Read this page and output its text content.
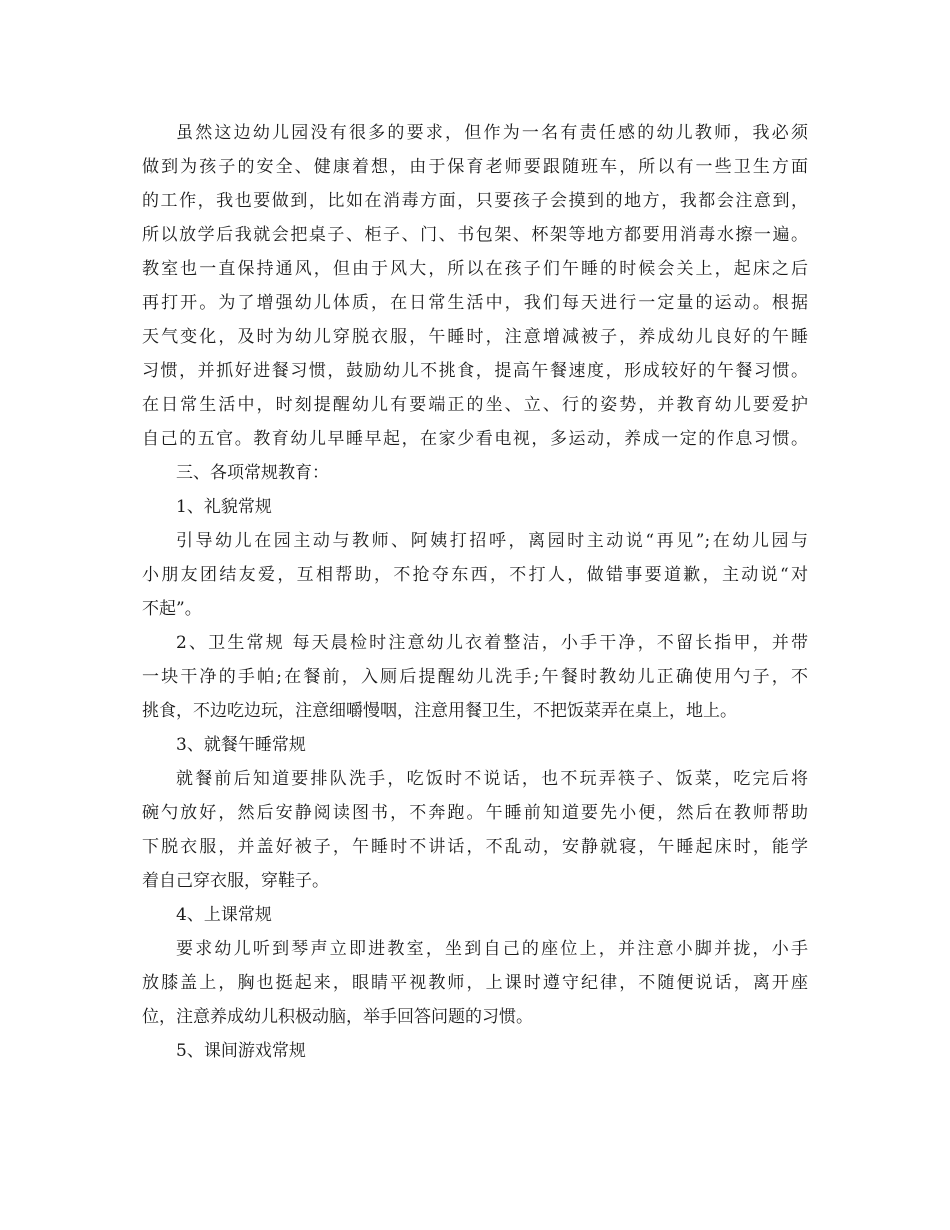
虽然这边幼儿园没有很多的要求，但作为一名有责任感的幼儿教师，我必须
做到为孩子的安全、健康着想，由于保育老师要跟随班车，所以有一些卫生方面
的工作，我也要做到，比如在消毒方面，只要孩子会摸到的地方，我都会注意到，
所以放学后我就会把桌子、柜子、门、书包架、杯架等地方都要用消毒水擦一遍。
教室也一直保持通风，但由于风大，所以在孩子们午睡的时候会关上，起床之后
再打开。为了增强幼儿体质，在日常生活中，我们每天进行一定量的运动。根据
天气变化，及时为幼儿穿脱衣服，午睡时，注意增减被子，养成幼儿良好的午睡
习惯，并抓好进餐习惯，鼓励幼儿不挑食，提高午餐速度，形成较好的午餐习惯。
在日常生活中，时刻提醒幼儿有要端正的坐、立、行的姿势，并教育幼儿要爱护
自己的五官。教育幼儿早睡早起，在家少看电视，多运动，养成一定的作息习惯。
三、各项常规教育：
1、礼貌常规
引导幼儿在园主动与教师、阿姨打招呼，离园时主动说“再见”;在幼儿园与
小朋友团结友爱，互相帮助，不抢夺东西，不打人，做错事要道歉，主动说“对
不起”。
2、卫生常规 每天晨检时注意幼儿衣着整洁，小手干净，不留长指甲，并带
一块干净的手帕;在餐前，入厕后提醒幼儿洗手;午餐时教幼儿正确使用勺子，不
挑食，不边吃边玩，注意细嚼慢咽，注意用餐卫生，不把饭菜弄在桌上，地上。
3、就餐午睡常规
就餐前后知道要排队洗手，吃饭时不说话，也不玩弄筷子、饭菜，吃完后将
碗勺放好，然后安静阅读图书，不奔跑。午睡前知道要先小便，然后在教师帮助
下脱衣服，并盖好被子，午睡时不讲话，不乱动，安静就寝，午睡起床时，能学
着自己穿衣服，穿鞋子。
4、上课常规
要求幼儿听到琴声立即进教室，坐到自己的座位上，并注意小脚并拢，小手
放膝盖上，胸也挺起来，眼睛平视教师，上课时遵守纪律，不随便说话，离开座
位，注意养成幼儿积极动脑，举手回答问题的习惯。
5、课间游戏常规
